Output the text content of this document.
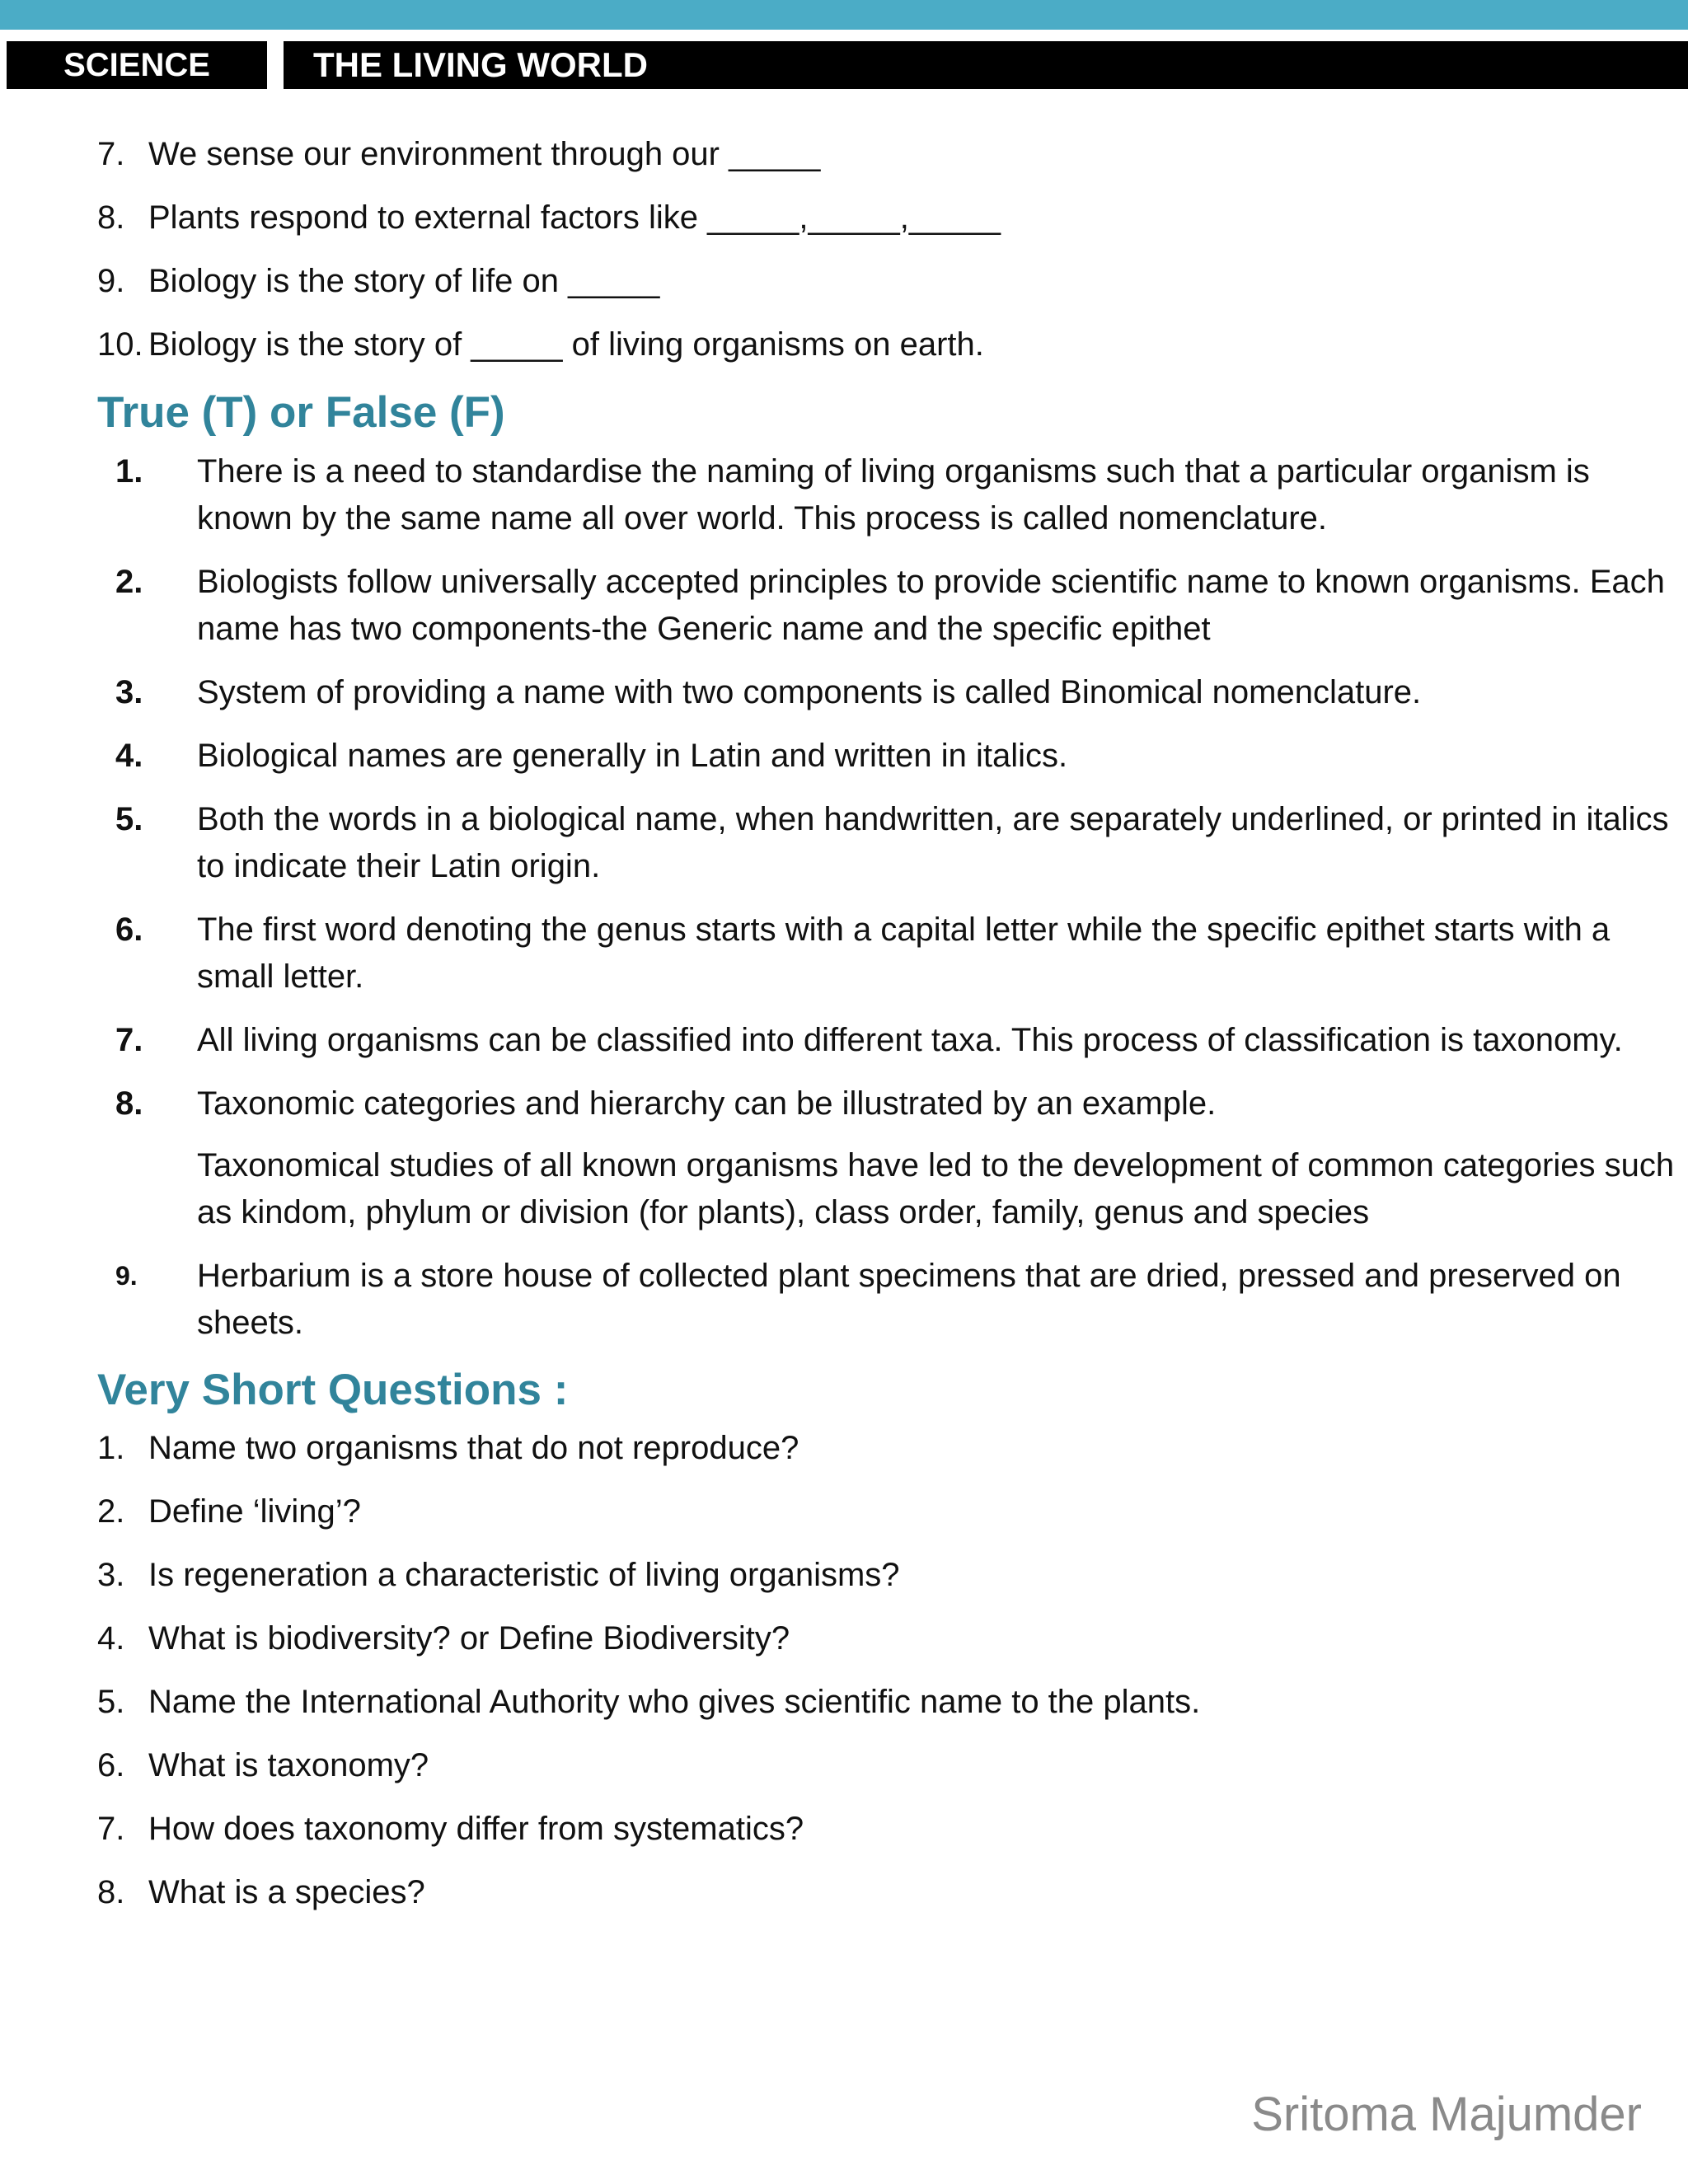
SCIENCE	THE LIVING WORLD
7. We sense our environment through our _____
8. Plants respond to external factors like _____,_____,_____
9. Biology is the story of life on _____
10. Biology is the story of _____ of living organisms on earth.
True (T) or False (F)
1.	There is a need to standardise the naming of living organisms such that a particular organism is known by the same name all over world. This process is called nomenclature.
2.	Biologists follow universally accepted principles to provide scientific name to known organisms. Each name has two components-the Generic name and the specific epithet
3.	System of providing a name with two components is called Binomical nomenclature.
4.	Biological names are generally in Latin and written in italics.
5.	Both the words in a biological name, when handwritten, are separately underlined, or printed in italics to indicate their Latin origin.
6.	The first word denoting the genus starts with a capital letter while the specific epithet starts with a small letter.
7.	All living organisms can be classified into different taxa. This process of classification is taxonomy.
8.	Taxonomic categories and hierarchy can be illustrated by an example.
Taxonomical studies of all known organisms have led to the development of common categories such as kindom, phylum or division (for plants), class order, family, genus and species
9.	Herbarium is a store house of collected plant specimens that are dried, pressed and preserved on sheets.
Very Short Questions :
1. Name two organisms that do not reproduce?
2. Define ‘living’?
3. Is regeneration a characteristic of living organisms?
4. What is biodiversity? or Define Biodiversity?
5. Name the International Authority who gives scientific name to the plants.
6. What is taxonomy?
7. How does taxonomy differ from systematics?
8. What is a species?
Sritoma Majumder
